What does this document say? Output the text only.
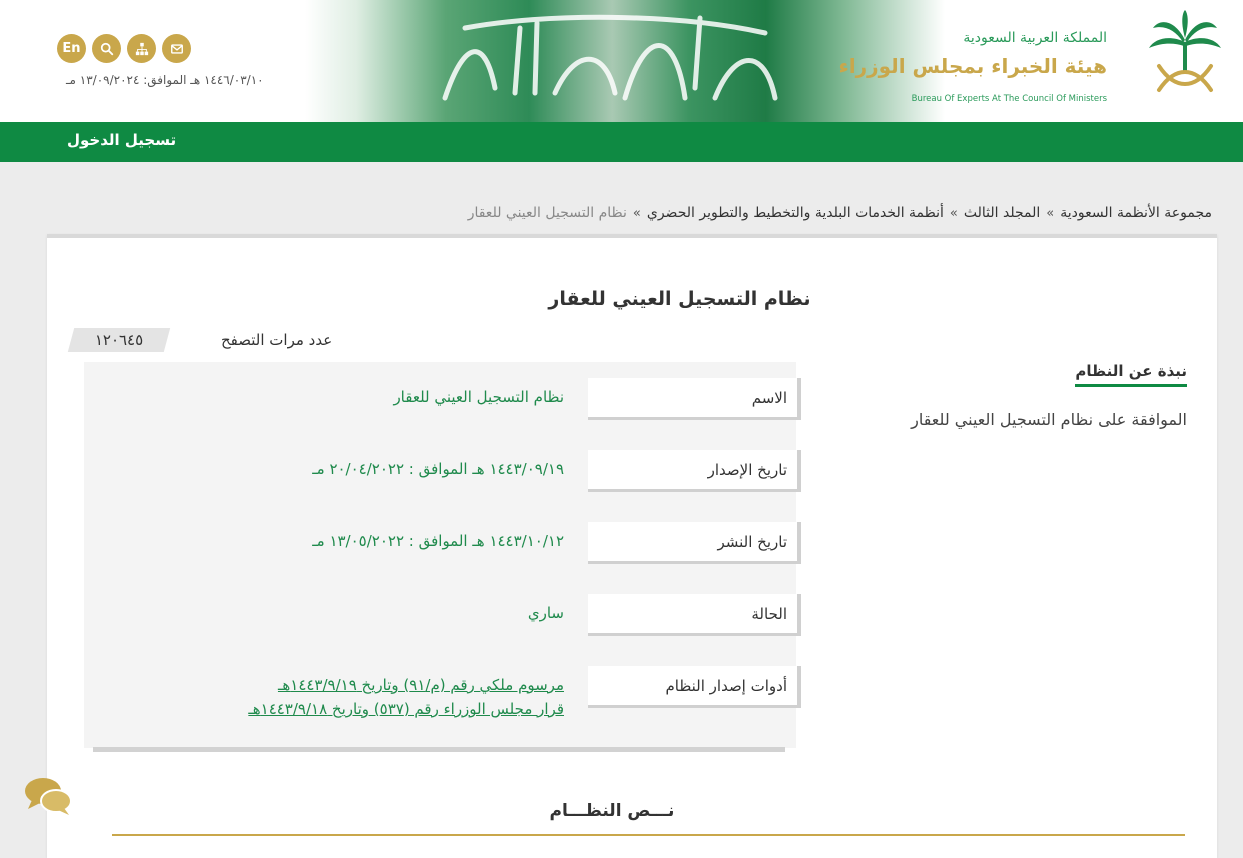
En
١٤٤٦/٠٣/١٠ هـ الموافق: ١٣/٠٩/٢٠٢٤ مـ
المملكة العربية السعودية
هيئة الخبراء بمجلس الوزراء
Bureau Of Experts At The Council Of Ministers
تسجيل الدخول
مجموعة الأنظمة السعودية»المجلد الثالث»أنظمة الخدمات البلدية والتخطيط والتطوير الحضري»نظام التسجيل العيني للعقار
نظام التسجيل العيني للعقار
عدد مرات التصفح
١٢٠٦٤٥
الاسم
نظام التسجيل العيني للعقار
تاريخ الإصدار
١٤٤٣/٠٩/١٩ هـ الموافق : ٢٠/٠٤/٢٠٢٢ مـ
تاريخ النشر
١٤٤٣/١٠/١٢ هـ الموافق : ١٣/٠٥/٢٠٢٢ مـ
الحالة
ساري
أدوات إصدار النظام
مرسوم ملكي رقم (م/٩١) وتاريخ ١٤٤٣/٩/١٩هـ
قرار مجلس الوزراء رقم (٥٣٧) وتاريخ ١٤٤٣/٩/١٨هـ
نبذة عن النظام
الموافقة على نظام التسجيل العيني للعقار
نـــص النظـــام
